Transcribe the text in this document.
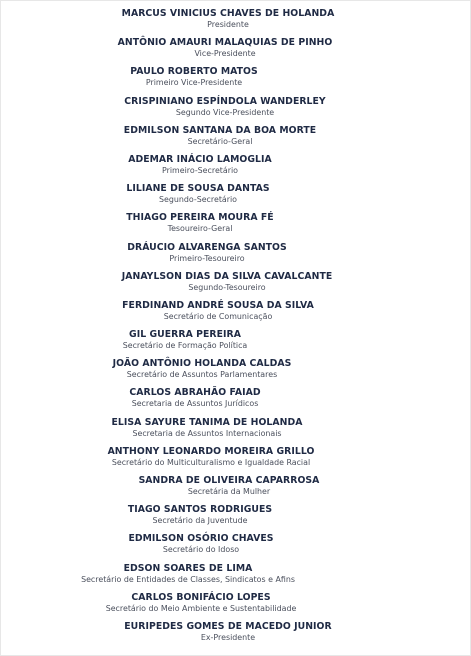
MARCUS VINICIUS CHAVES DE HOLANDA
Presidente
ANTÔNIO AMAURI MALAQUIAS DE PINHO
Vice-Presidente
PAULO ROBERTO MATOS
Primeiro Vice-Presidente
CRISPINIANO ESPÍNDOLA WANDERLEY
Segundo Vice-Presidente
EDMILSON SANTANA DA BOA MORTE
Secretário-Geral
ADEMAR INÁCIO LAMOGLIA
Primeiro-Secretário
LILIANE DE SOUSA DANTAS
Segundo-Secretário
THIAGO PEREIRA MOURA FÉ
Tesoureiro-Geral
DRÁUCIO ALVARENGA SANTOS
Primeiro-Tesoureiro
JANAYLSON DIAS DA SILVA CAVALCANTE
Segundo-Tesoureiro
FERDINAND ANDRÉ SOUSA DA SILVA
Secretário de Comunicação
GIL GUERRA PEREIRA
Secretário de Formação Política
JOÃO ANTÔNIO HOLANDA CALDAS
Secretário de Assuntos Parlamentares
CARLOS ABRAHÃO FAIAD
Secretaria de Assuntos Jurídicos
ELISA SAYURE TANIMA DE HOLANDA
Secretaria de Assuntos Internacionais
ANTHONY LEONARDO MOREIRA GRILLO
Secretário do Multiculturalismo e Igualdade Racial
SANDRA DE OLIVEIRA CAPARROSA
Secretária da Mulher
TIAGO SANTOS RODRIGUES
Secretário da Juventude
EDMILSON OSÓRIO CHAVES
Secretário do Idoso
EDSON SOARES DE LIMA
Secretário de Entidades de Classes, Sindicatos e Afins
CARLOS BONIFÁCIO LOPES
Secretário do Meio Ambiente e Sustentabilidade
EURIPEDES GOMES DE MACEDO JUNIOR
Ex-Presidente
